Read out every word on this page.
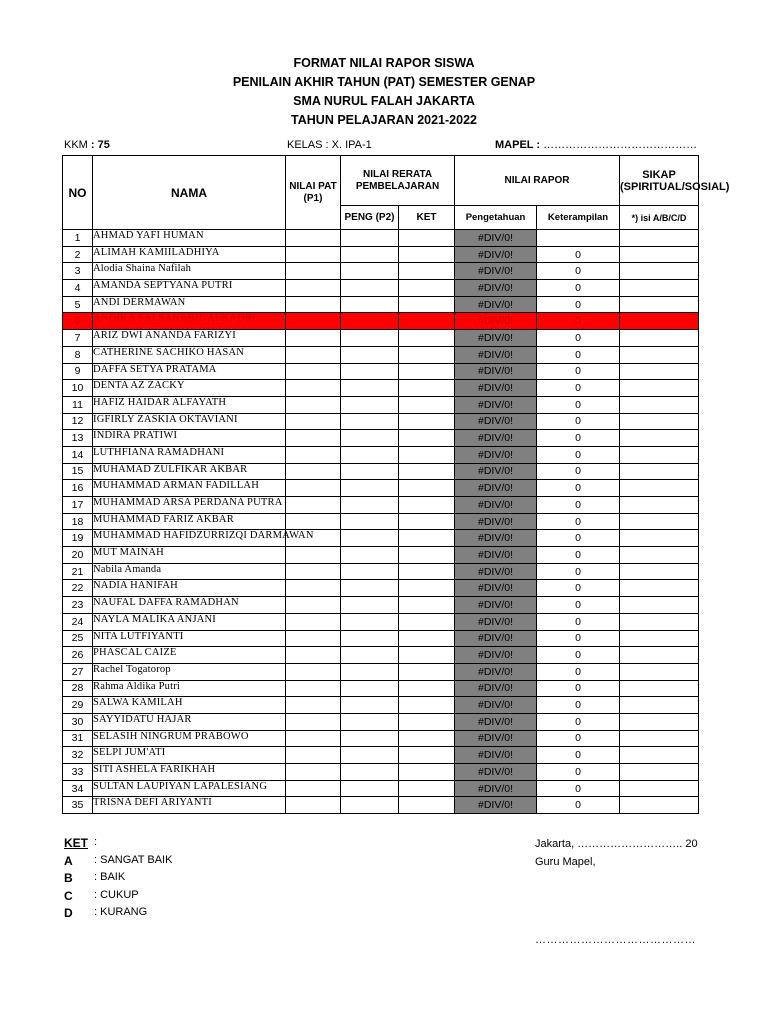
FORMAT NILAI RAPOR SISWA
PENILAIN AKHIR TAHUN (PAT) SEMESTER GENAP
SMA NURUL FALAH JAKARTA
TAHUN PELAJARAN 2021-2022
KKM : 75	KELAS : X. IPA-1	MAPEL : ……………………………………
NO	NAMA	NILAI PAT (P1)	NILAI RERATA PEMBELAJARAN		NILAI RAPOR		SIKAP (SPIRITUAL/SOSIAL)
			PENG (P2)	KET	Pengetahuan	Keterampilan	*) isi A/B/C/D
1	AHMAD YAFI HUMAN				#DIV/0!		
2	ALIMAH KAMIILADHIYA				#DIV/0!	0	
3	Alodia Shaina Nafilah				#DIV/0!	0	
4	AMANDA SEPTYANA PUTRI				#DIV/0!	0	
5	ANDI DERMAWAN				#DIV/0!	0	
6	ANDIKA SALSANABIL ALKADRI				#DIV/0!	0	
7	ARIZ DWI ANANDA FARIZYI				#DIV/0!	0	
8	CATHERINE SACHIKO HASAN				#DIV/0!	0	
9	DAFFA SETYA PRATAMA				#DIV/0!	0	
10	DENTA AZ ZACKY				#DIV/0!	0	
11	HAFIZ HAIDAR ALFAYATH				#DIV/0!	0	
12	IGFIRLY ZASKIA OKTAVIANI				#DIV/0!	0	
13	INDIRA PRATIWI				#DIV/0!	0	
14	LUTHFIANA RAMADHANI				#DIV/0!	0	
15	MUHAMAD ZULFIKAR AKBAR				#DIV/0!	0	
16	MUHAMMAD ARMAN FADILLAH				#DIV/0!	0	
17	MUHAMMAD ARSA PERDANA PUTRA				#DIV/0!	0	
18	MUHAMMAD FARIZ AKBAR				#DIV/0!	0	
19	MUHAMMAD HAFIDZURRIZQI DARMAWAN				#DIV/0!	0	
20	MUT MAINAH				#DIV/0!	0	
21	Nabila Amanda				#DIV/0!	0	
22	NADIA HANIFAH				#DIV/0!	0	
23	NAUFAL DAFFA RAMADHAN				#DIV/0!	0	
24	NAYLA MALIKA ANJANI				#DIV/0!	0	
25	NITA LUTFIYANTI				#DIV/0!	0	
26	PHASCAL CAIZE				#DIV/0!	0	
27	Rachel Togatorop				#DIV/0!	0	
28	Rahma Aldika Putri				#DIV/0!	0	
29	SALWA KAMILAH				#DIV/0!	0	
30	SAYYIDATU HAJAR				#DIV/0!	0	
31	SELASIH NINGRUM PRABOWO				#DIV/0!	0	
32	SELPI JUM'ATI				#DIV/0!	0	
33	SITI ASHELA FARIKHAH				#DIV/0!	0	
34	SULTAN LAUPIYAN LAPALESIANG				#DIV/0!	0	
35	TRISNA DEFI ARIYANTI				#DIV/0!	0	
KET :
A	: SANGAT BAIK
B	: BAIK
C	: CUKUP
D	: KURANG
Jakarta, ……………………….. 20
Guru Mapel,
……………………………………
